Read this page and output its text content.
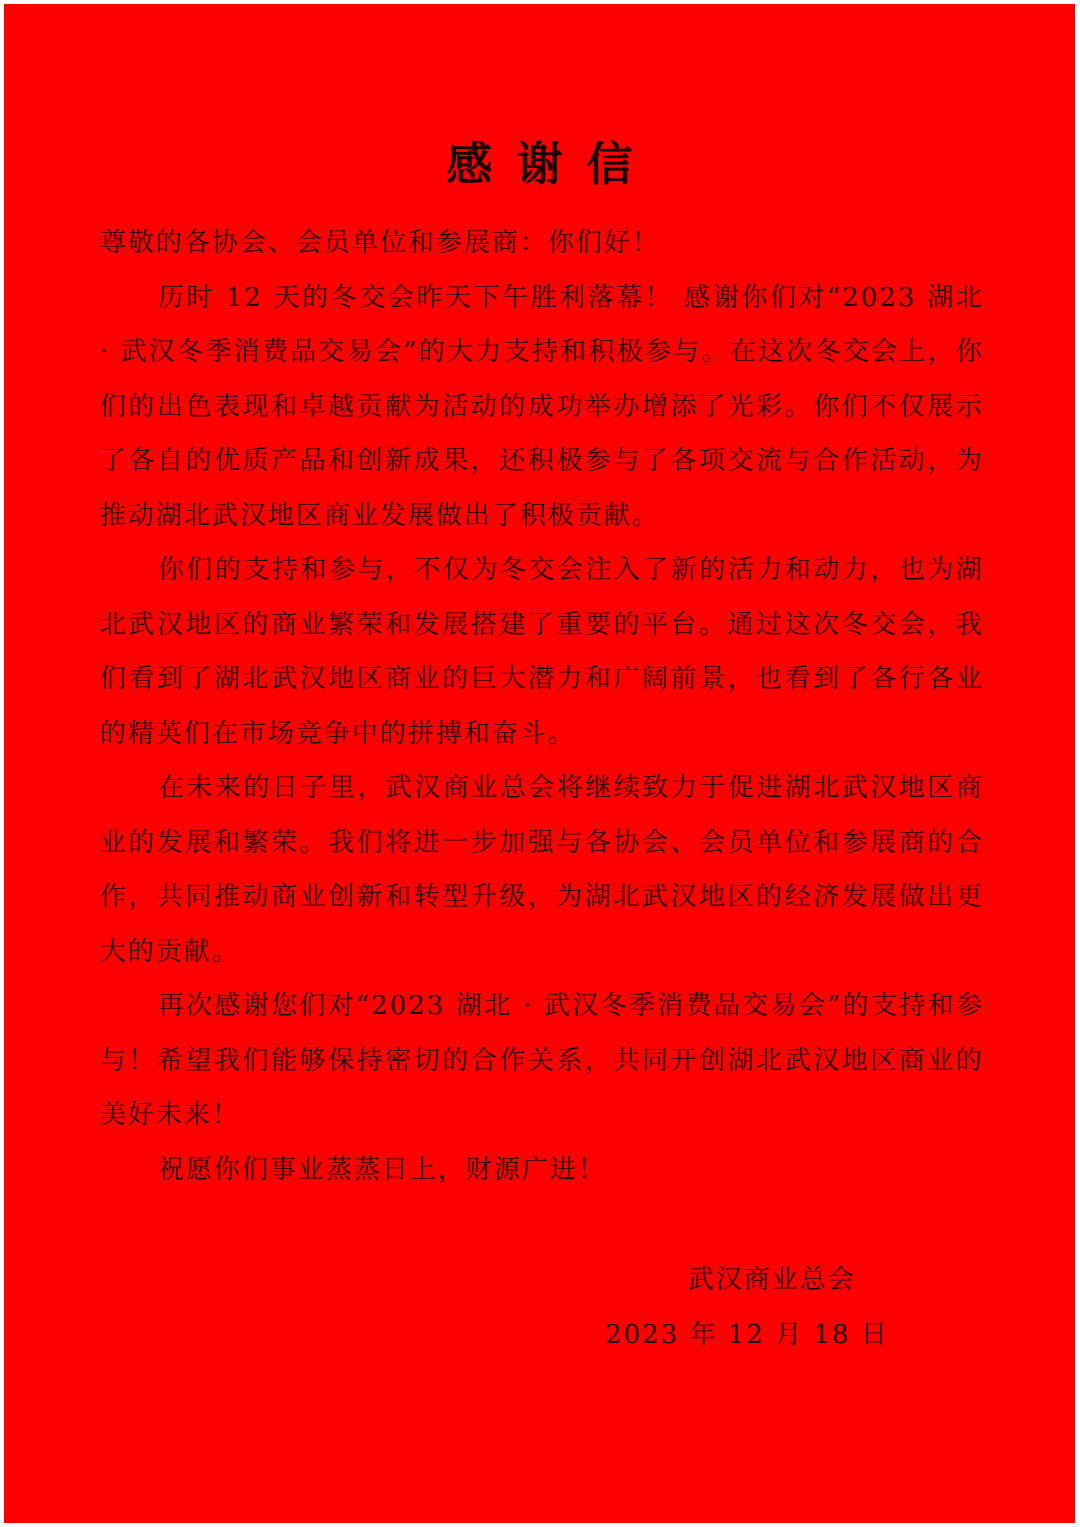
感谢信

尊敬的各协会、会员单位和参展商：你们好！

历时 12 天的冬交会昨天下午胜利落幕！ 感谢你们对“2023 湖北 · 武汉冬季消费品交易会”的大力支持和积极参与。在这次冬交会上，你们的出色表现和卓越贡献为活动的成功举办增添了光彩。你们不仅展示了各自的优质产品和创新成果，还积极参与了各项交流与合作活动，为推动湖北武汉地区商业发展做出了积极贡献。

你们的支持和参与，不仅为冬交会注入了新的活力和动力，也为湖北武汉地区的商业繁荣和发展搭建了重要的平台。通过这次冬交会，我们看到了湖北武汉地区商业的巨大潜力和广阔前景，也看到了各行各业的精英们在市场竞争中的拼搏和奋斗。

在未来的日子里，武汉商业总会将继续致力于促进湖北武汉地区商业的发展和繁荣。我们将进一步加强与各协会、会员单位和参展商的合作，共同推动商业创新和转型升级，为湖北武汉地区的经济发展做出更大的贡献。

再次感谢您们对“2023 湖北 · 武汉冬季消费品交易会”的支持和参与！希望我们能够保持密切的合作关系，共同开创湖北武汉地区商业的美好未来！

祝愿你们事业蒸蒸日上，财源广进！

武汉商业总会
2023 年 12 月 18 日
